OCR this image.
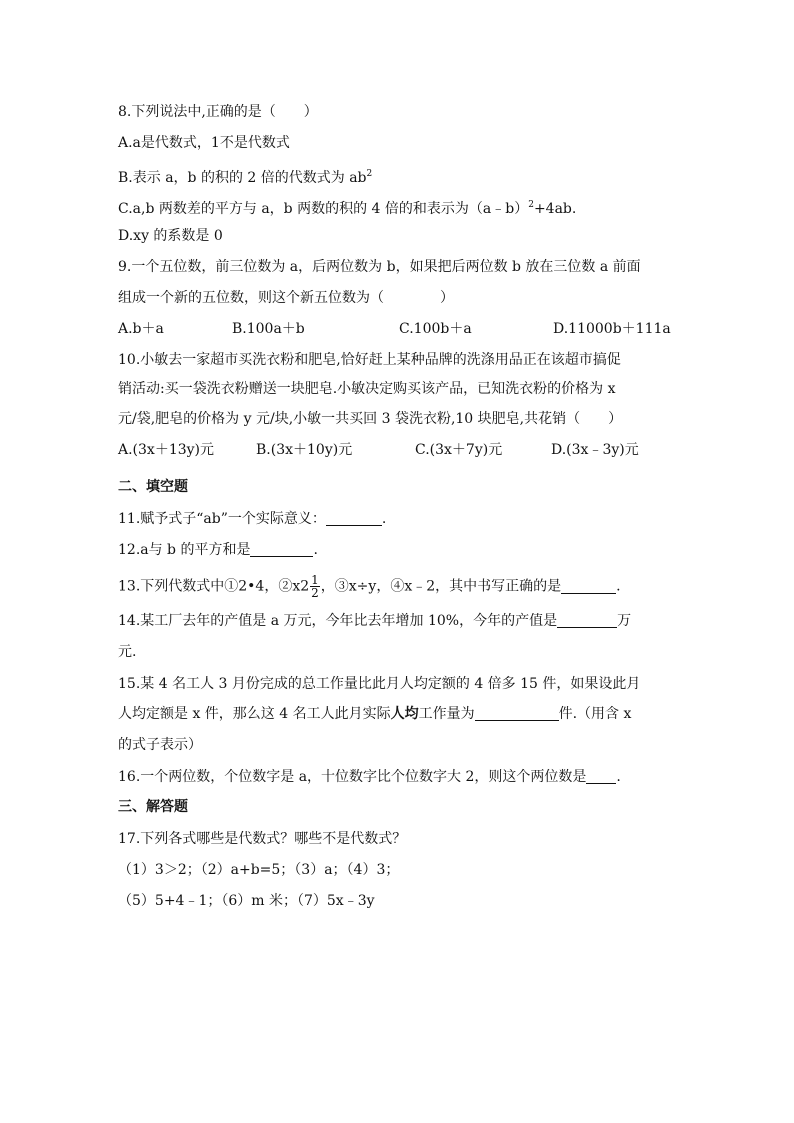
8.下列说法中,正确的是（　　）
A.a是代数式，1不是代数式
B.表示 a，b 的积的 2 倍的代数式为 $ab^2$
C.a,b 两数差的平方与 a，b 两数的积的 4 倍的和表示为（a﹣b）$^2$+4ab.
D.xy 的系数是 0
9.一个五位数，前三位数为 a，后两位数为 b，如果把后两位数 b 放在三位数 a 前面
组成一个新的五位数，则这个新五位数为（　　　　）
A.b＋a	B.100a＋b	C.100b＋a	D.11000b＋111a
10.小敏去一家超市买洗衣粉和肥皂,恰好赶上某种品牌的洗涤用品正在该超市搞促
销活动:买一袋洗衣粉赠送一块肥皂.小敏决定购买该产品，已知洗衣粉的价格为 x
元/袋,肥皂的价格为 y 元/块,小敏一共买回 3 袋洗衣粉,10 块肥皂,共花销（　　）
A.(3x＋13y)元	B.(3x＋10y)元	C.(3x＋7y)元	D.(3x﹣3y)元
二、填空题
11.赋予式子“ab”一个实际意义：	.
12.a与 b 的平方和是	.
13.下列代数式中①2•4，②x2 $\frac{1}{2}$ ，③x÷y，④x﹣2，其中书写正确的是	.
14.某工厂去年的产值是 a 万元，今年比去年增加 10%，今年的产值是	万
元.
15.某 4 名工人 3 月份完成的总工作量比此月人均定额的 4 倍多 15 件，如果设此月
人均定额是 x 件，那么这 4 名工人此月实际人均工作量为	件.（用含 x
的式子表示）
16.一个两位数，个位数字是 a，十位数字比个位数字大 2，则这个两位数是 .
三、解答题
17.下列各式哪些是代数式？哪些不是代数式？
（1）3＞2；（2）a+b=5；（3）a；（4）3；
（5）5+4﹣1；（6）m 米；（7）5x﹣3y
